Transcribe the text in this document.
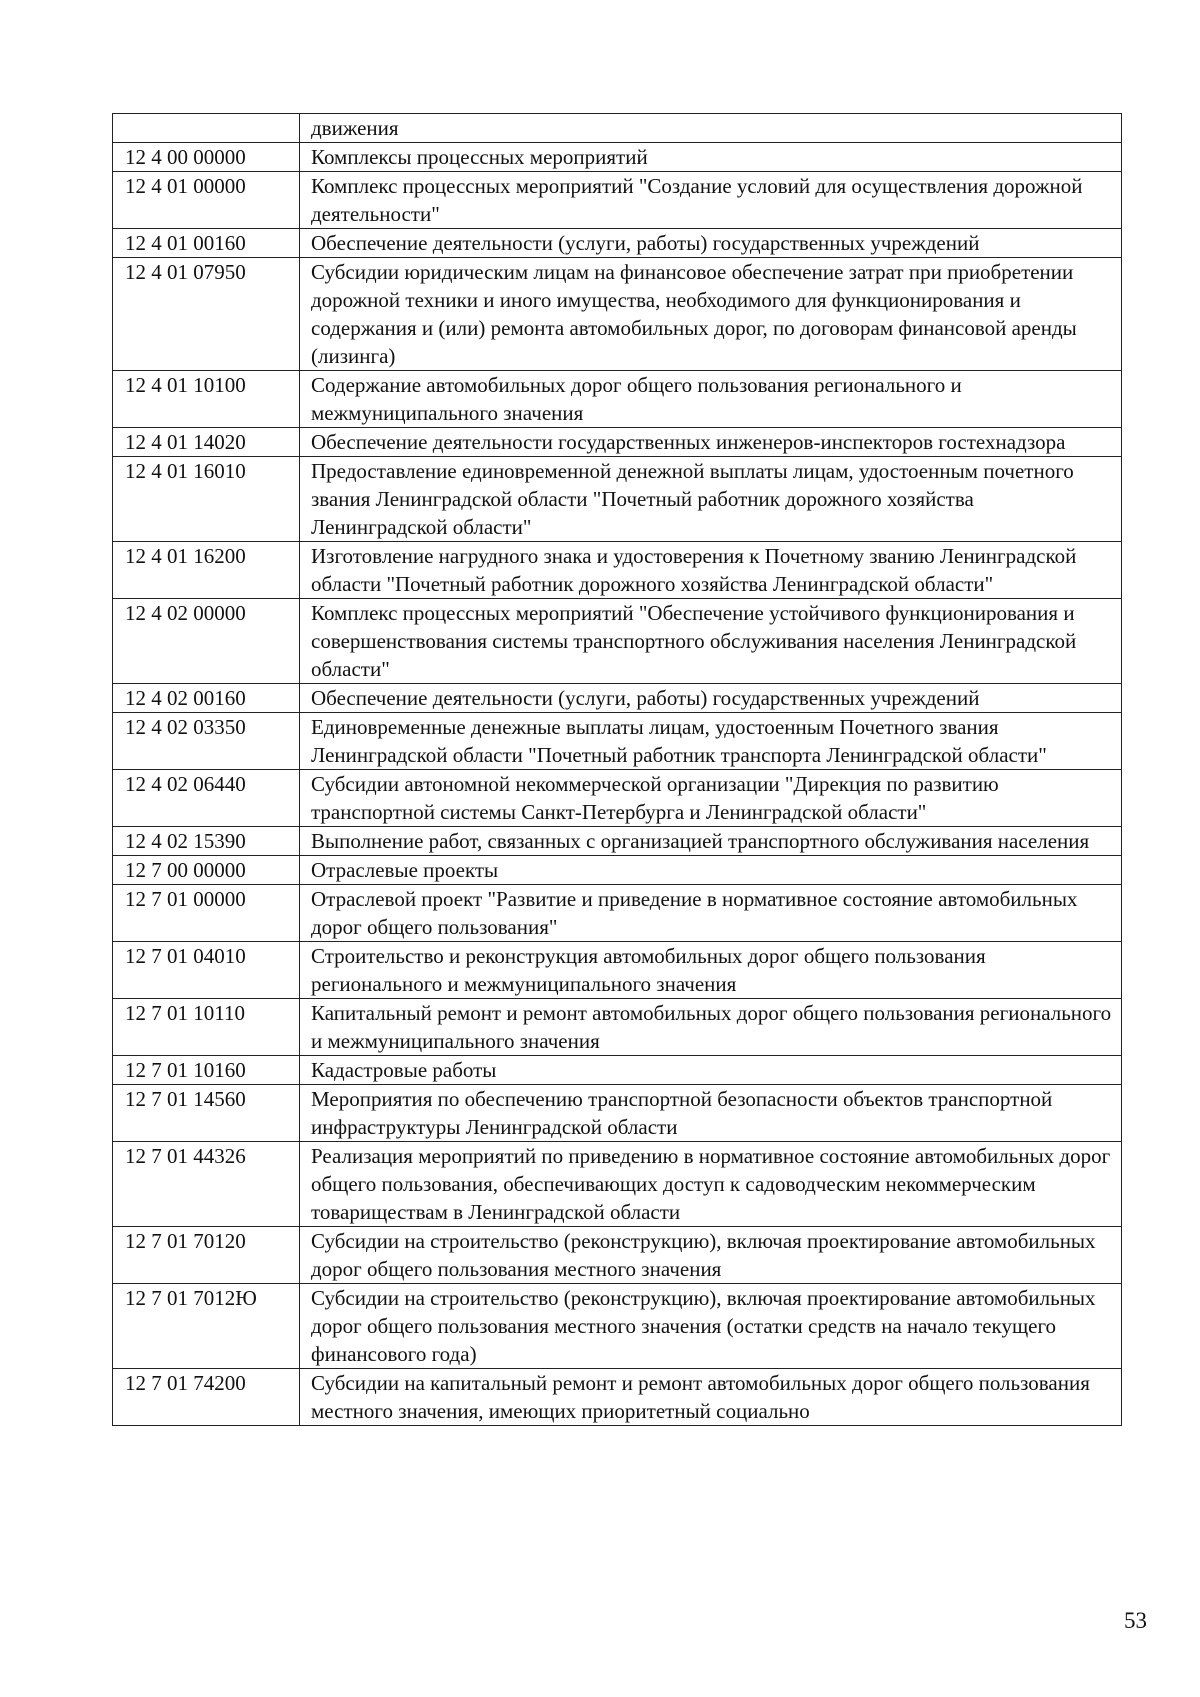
	движения
12 4 00 00000	Комплексы процессных мероприятий
12 4 01 00000	Комплекс процессных мероприятий "Создание условий для осуществления дорожной деятельности"
12 4 01 00160	Обеспечение деятельности (услуги, работы) государственных учреждений
12 4 01 07950	Субсидии юридическим лицам на финансовое обеспечение затрат при приобретении дорожной техники и иного имущества, необходимого для функционирования и содержания и (или) ремонта автомобильных дорог, по договорам финансовой аренды (лизинга)
12 4 01 10100	Содержание автомобильных дорог общего пользования регионального и межмуниципального значения
12 4 01 14020	Обеспечение деятельности государственных инженеров-инспекторов гостехнадзора
12 4 01 16010	Предоставление единовременной денежной выплаты лицам, удостоенным почетного звания Ленинградской области "Почетный работник дорожного хозяйства Ленинградской области"
12 4 01 16200	Изготовление нагрудного знака и удостоверения к Почетному званию Ленинградской области "Почетный работник дорожного хозяйства Ленинградской области"
12 4 02 00000	Комплекс процессных мероприятий "Обеспечение устойчивого функционирования и совершенствования системы транспортного обслуживания населения Ленинградской области"
12 4 02 00160	Обеспечение деятельности (услуги, работы) государственных учреждений
12 4 02 03350	Единовременные денежные выплаты лицам, удостоенным Почетного звания Ленинградской области "Почетный работник транспорта Ленинградской области"
12 4 02 06440	Субсидии автономной некоммерческой организации "Дирекция по развитию транспортной системы Санкт-Петербурга и Ленинградской области"
12 4 02 15390	Выполнение работ, связанных с организацией транспортного обслуживания населения
12 7 00 00000	Отраслевые проекты
12 7 01 00000	Отраслевой проект "Развитие и приведение в нормативное состояние автомобильных дорог общего пользования"
12 7 01 04010	Строительство и реконструкция автомобильных дорог общего пользования регионального и межмуниципального значения
12 7 01 10110	Капитальный ремонт и ремонт автомобильных дорог общего пользования регионального и межмуниципального значения
12 7 01 10160	Кадастровые работы
12 7 01 14560	Мероприятия по обеспечению транспортной безопасности объектов транспортной инфраструктуры Ленинградской области
12 7 01 44326	Реализация мероприятий по приведению в нормативное состояние автомобильных дорог общего пользования, обеспечивающих доступ к садоводческим некоммерческим товариществам в Ленинградской области
12 7 01 70120	Субсидии на строительство (реконструкцию), включая проектирование автомобильных дорог общего пользования местного значения
12 7 01 7012Ю	Субсидии на строительство (реконструкцию), включая проектирование автомобильных дорог общего пользования местного значения (остатки средств на начало текущего финансового года)
12 7 01 74200	Субсидии на капитальный ремонт и ремонт автомобильных дорог общего пользования местного значения, имеющих приоритетный социально
53
